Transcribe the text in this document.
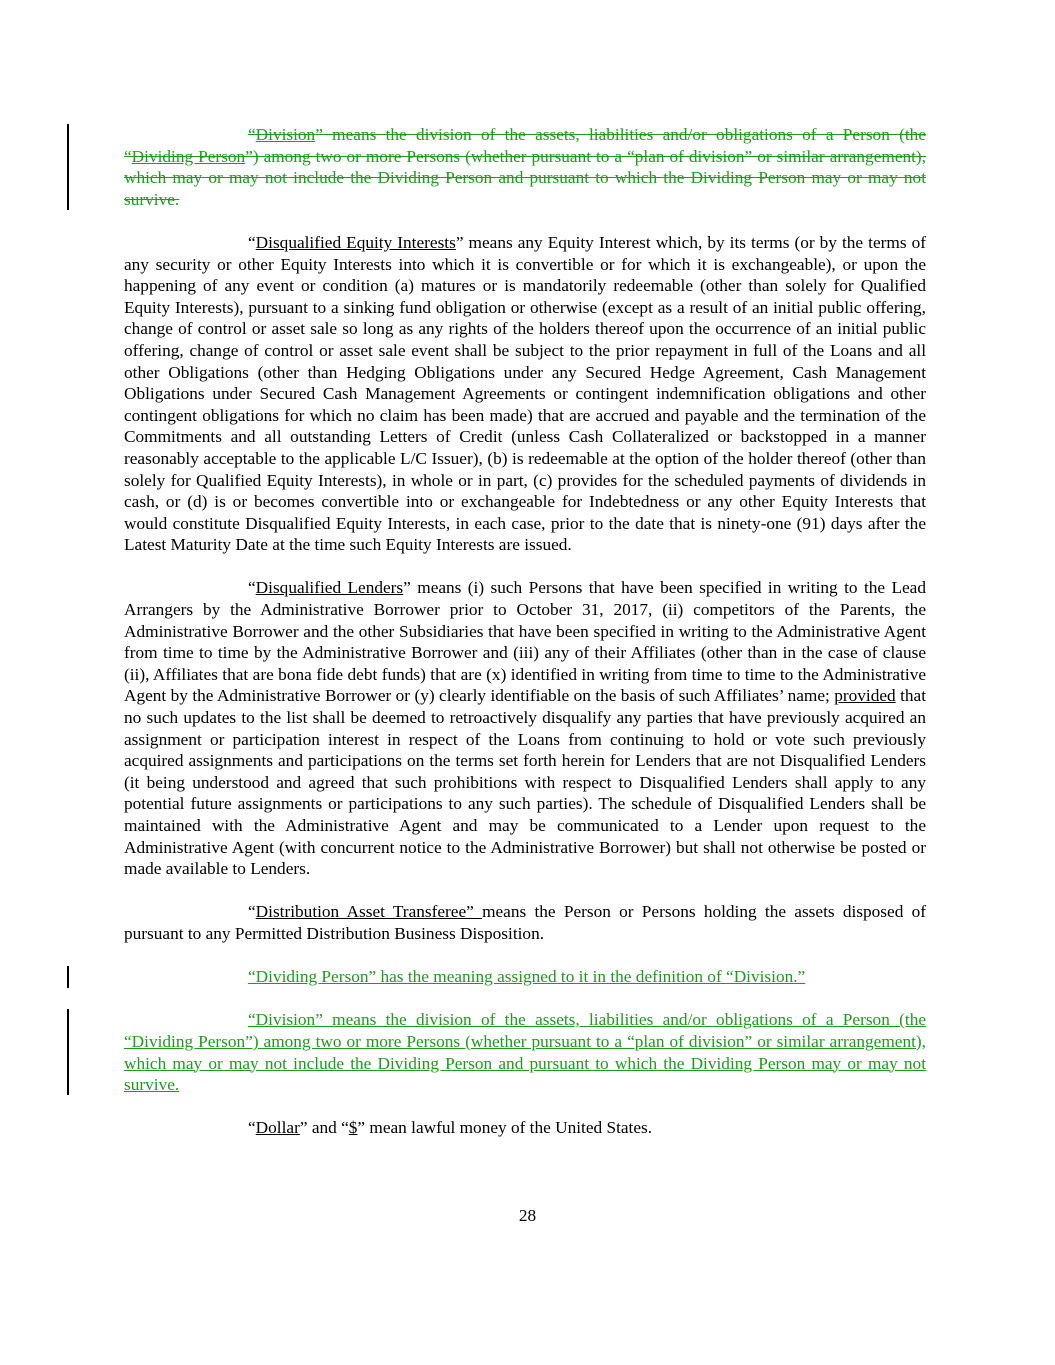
“Division” means the division of the assets, liabilities and/or obligations of a Person (the “Dividing Person”) among two or more Persons (whether pursuant to a “plan of division” or similar arrangement), which may or may not include the Dividing Person and pursuant to which the Dividing Person may or may not survive.

“Disqualified Equity Interests” means any Equity Interest which, by its terms (or by the terms of any security or other Equity Interests into which it is convertible or for which it is exchangeable), or upon the happening of any event or condition (a) matures or is mandatorily redeemable (other than solely for Qualified Equity Interests), pursuant to a sinking fund obligation or otherwise (except as a result of an initial public offering, change of control or asset sale so long as any rights of the holders thereof upon the occurrence of an initial public offering, change of control or asset sale event shall be subject to the prior repayment in full of the Loans and all other Obligations (other than Hedging Obligations under any Secured Hedge Agreement, Cash Management Obligations under Secured Cash Management Agreements or contingent indemnification obligations and other contingent obligations for which no claim has been made) that are accrued and payable and the termination of the Commitments and all outstanding Letters of Credit (unless Cash Collateralized or backstopped in a manner reasonably acceptable to the applicable L/C Issuer), (b) is redeemable at the option of the holder thereof (other than solely for Qualified Equity Interests), in whole or in part, (c) provides for the scheduled payments of dividends in cash, or (d) is or becomes convertible into or exchangeable for Indebtedness or any other Equity Interests that would constitute Disqualified Equity Interests, in each case, prior to the date that is ninety-one (91) days after the Latest Maturity Date at the time such Equity Interests are issued.

“Disqualified Lenders” means (i) such Persons that have been specified in writing to the Lead Arrangers by the Administrative Borrower prior to October 31, 2017, (ii) competitors of the Parents, the Administrative Borrower and the other Subsidiaries that have been specified in writing to the Administrative Agent from time to time by the Administrative Borrower and (iii) any of their Affiliates (other than in the case of clause (ii), Affiliates that are bona fide debt funds) that are (x) identified in writing from time to time to the Administrative Agent by the Administrative Borrower or (y) clearly identifiable on the basis of such Affiliates’ name; provided that no such updates to the list shall be deemed to retroactively disqualify any parties that have previously acquired an assignment or participation interest in respect of the Loans from continuing to hold or vote such previously acquired assignments and participations on the terms set forth herein for Lenders that are not Disqualified Lenders (it being understood and agreed that such prohibitions with respect to Disqualified Lenders shall apply to any potential future assignments or participations to any such parties). The schedule of Disqualified Lenders shall be maintained with the Administrative Agent and may be communicated to a Lender upon request to the Administrative Agent (with concurrent notice to the Administrative Borrower) but shall not otherwise be posted or made available to Lenders.

“Distribution Asset Transferee” means the Person or Persons holding the assets disposed of pursuant to any Permitted Distribution Business Disposition.

“Dividing Person” has the meaning assigned to it in the definition of “Division.”

“Division” means the division of the assets, liabilities and/or obligations of a Person (the “Dividing Person”) among two or more Persons (whether pursuant to a “plan of division” or similar arrangement), which may or may not include the Dividing Person and pursuant to which the Dividing Person may or may not survive.

“Dollar” and “$” mean lawful money of the United States.

28
